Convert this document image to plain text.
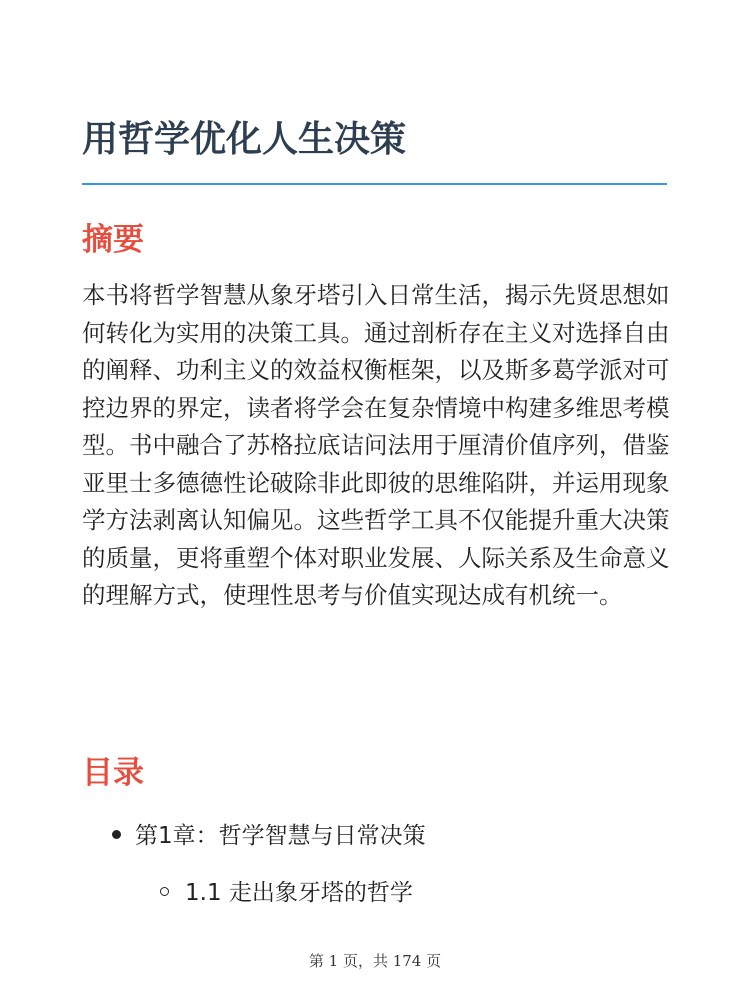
用哲学优化人生决策
摘要

本书将哲学智慧从象牙塔引入日常生活，揭示先贤思想如何转化为实用的决策工具。通过剖析存在主义对选择自由的阐释、功利主义的效益权衡框架，以及斯多葛学派对可控边界的界定，读者将学会在复杂情境中构建多维思考模型。书中融合了苏格拉底诘问法用于厘清价值序列，借鉴亚里士多德德性论破除非此即彼的思维陷阱，并运用现象学方法剥离认知偏见。这些哲学工具不仅能提升重大决策的质量，更将重塑个体对职业发展、人际关系及生命意义的理解方式，使理性思考与价值实现达成有机统一。

目录
第1章：哲学智慧与日常决策
1.1 走出象牙塔的哲学
第 1 页，共 174 页
